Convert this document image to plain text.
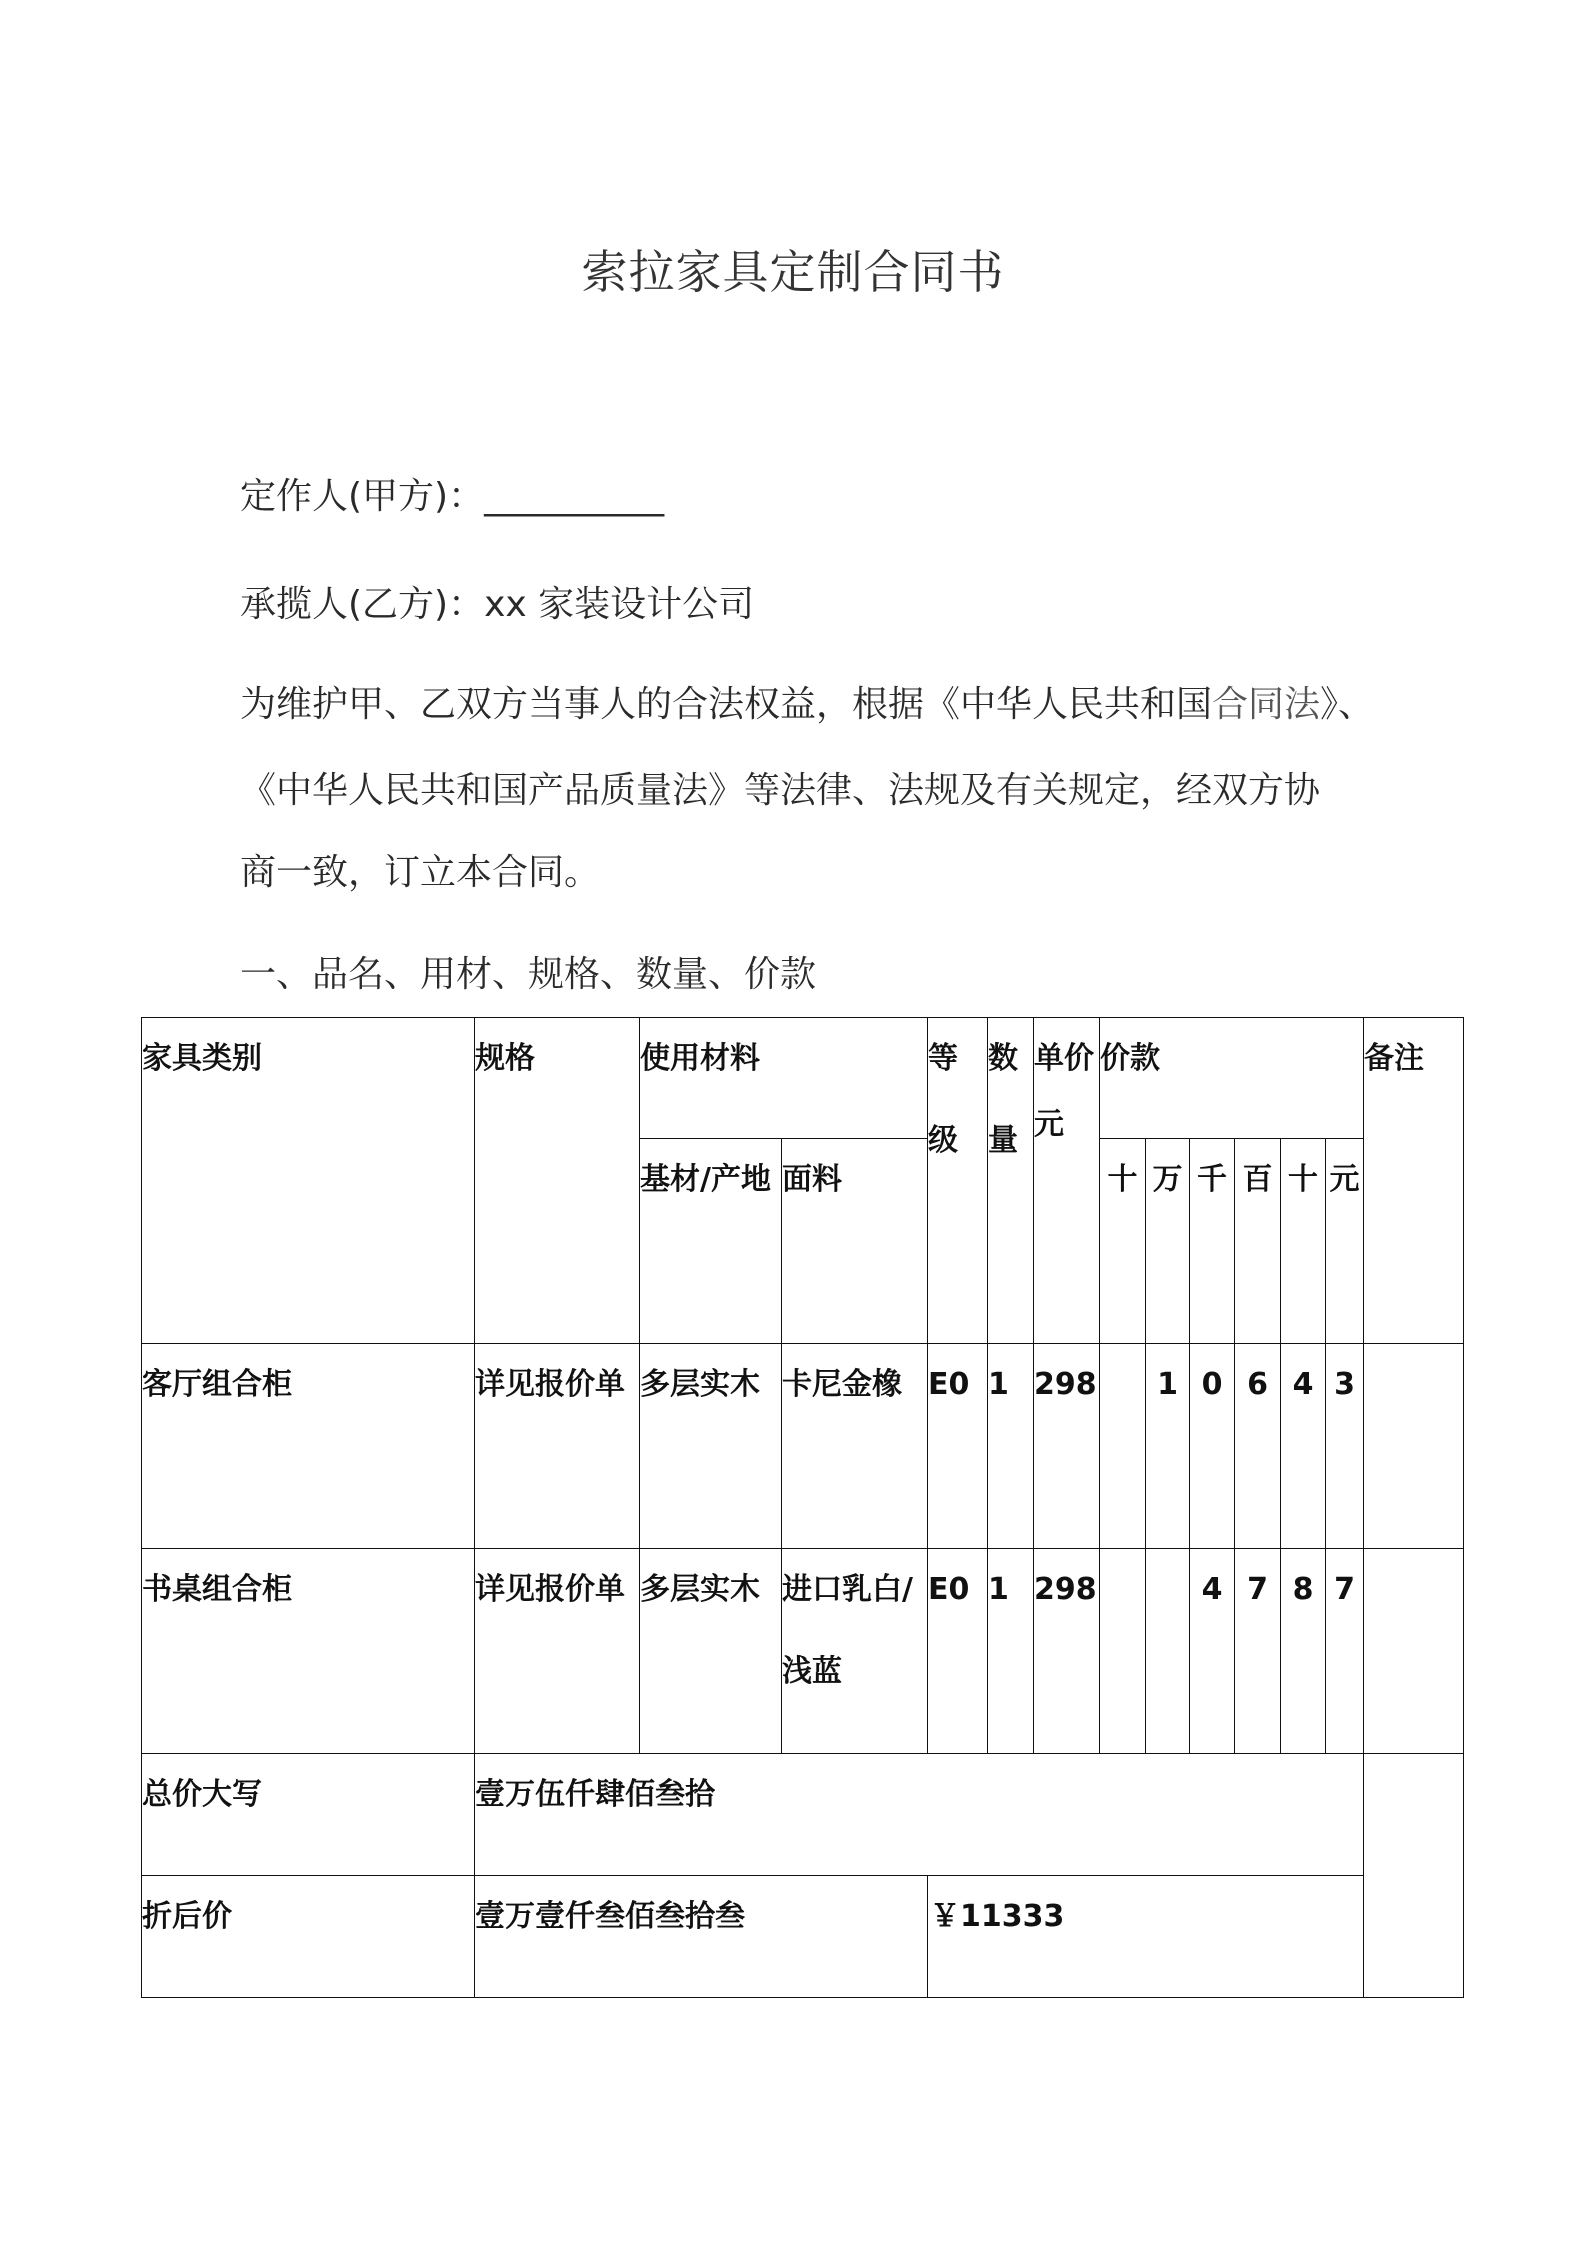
索拉家具定制合同书
定作人(甲方)：__________
承揽人(乙方)：xx 家装设计公司
为维护甲、乙双方当事人的合法权益，根据《中华人民共和国合同法》、
《中华人民共和国产品质量法》等法律、法规及有关规定，经双方协
商一致，订立本合同。
一、品名、用材、规格、数量、价款
家具类别	规格	使用材料		等级	数量	单价元	价款						备注
		基材/产地	面料				十	万	千	百	十	元	
客厅组合柜	详见报价单	多层实木	卡尼金橡	E0	1	298		1	0	6	4	3	
书桌组合柜	详见报价单	多层实木	进口乳白/浅蓝	E0	1	298			4	7	8	7	
总价大写	壹万伍仟肆佰叁拾												
折后价	壹万壹仟叁佰叁拾叁			￥11333									
